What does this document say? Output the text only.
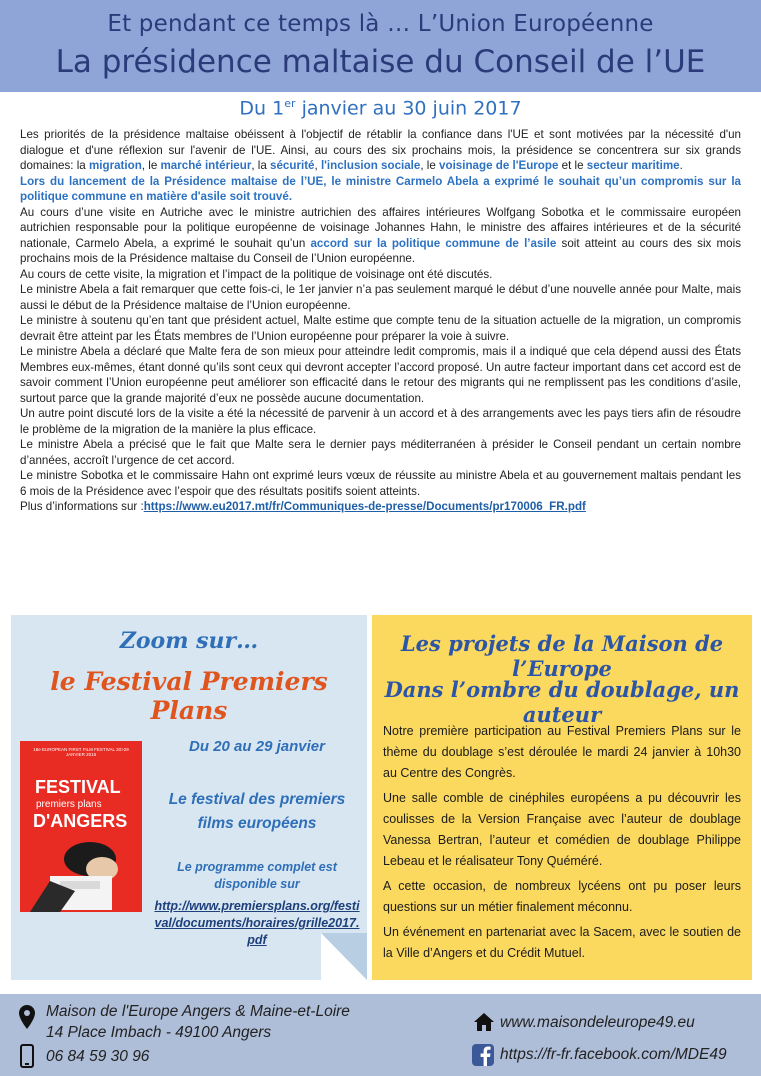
Et pendant ce temps là … L’Union Européenne
La présidence maltaise du Conseil de l’UE
Du 1er janvier au 30 juin 2017

Les priorités de la présidence maltaise obéissent à l'objectif de rétablir la confiance dans l'UE et sont motivées par la nécessité d'un dialogue et d'une réflexion sur l'avenir de l'UE. Ainsi, au cours des six prochains mois, la présidence se concentrera sur six grands domaines: la migration, le marché intérieur, la sécurité, l'inclusion sociale, le voisinage de l'Europe et le secteur maritime.

Lors du lancement de la Présidence maltaise de l’UE, le ministre Carmelo Abela a exprimé le souhait qu’un compromis sur la politique commune en matière d'asile soit trouvé.

Au cours d’une visite en Autriche avec le ministre autrichien des affaires intérieures Wolfgang Sobotka et le commissaire européen autrichien responsable pour la politique européenne de voisinage Johannes Hahn, le ministre des affaires intérieures et de la sécurité nationale, Carmelo Abela, a exprimé le souhait qu’un accord sur la politique commune de l’asile soit atteint au cours des six mois prochains mois de la Présidence maltaise du Conseil de l’Union européenne.

Au cours de cette visite, la migration et l’impact de la politique de voisinage ont été discutés.

Le ministre Abela a fait remarquer que cette fois-ci, le 1er janvier n’a pas seulement marqué le début d’une nouvelle année pour Malte, mais aussi le début de la Présidence maltaise de l’Union européenne.

Le ministre à soutenu qu’en tant que président actuel, Malte estime que compte tenu de la situation actuelle de la migration, un compromis devrait être atteint par les États membres de l’Union européenne pour préparer la voie à suivre.

Le ministre Abela a déclaré que Malte fera de son mieux pour atteindre ledit compromis, mais il a indiqué que cela dépend aussi des États Membres eux-mêmes, étant donné qu’ils sont ceux qui devront accepter l’accord proposé. Un autre facteur important dans cet accord est de savoir comment l’Union européenne peut améliorer son efficacité dans le retour des migrants qui ne remplissent pas les conditions d’asile, surtout parce que la grande majorité d’eux ne possède aucune documentation.

Un autre point discuté lors de la visite a été la nécessité de parvenir à un accord et à des arrangements avec les pays tiers afin de résoudre le problème de la migration de la manière la plus efficace.

Le ministre Abela a précisé que le fait que Malte sera le dernier pays méditerranéen à présider le Conseil pendant un certain nombre d’années, accroît l’urgence de cet accord.

Le ministre Sobotka et le commissaire Hahn ont exprimé leurs vœux de réussite au ministre Abela et au gouvernement maltais pendant les 6 mois de la Présidence avec l’espoir que des résultats positifs soient atteints.

Plus d’informations sur :https://www.eu2017.mt/fr/Communiques-de-presse/Documents/pr170006_FR.pdf

Zoom sur…
le Festival Premiers Plans
18e EUROPEAN FIRST FILM FESTIVAL 20>29 JANVIER 2016
FESTIVAL
premiers plans
D'ANGERS
Du 20 au 29 janvier
Le festival des premiers films européens
Le programme complet est disponible sur
http://www.premiersplans.org/festival/documents/horaires/grille2017.pdf
Les projets de la Maison de l’Europe
Dans l’ombre du doublage, un auteur

Notre première participation au Festival Premiers Plans sur le thème du doublage s’est déroulée le mardi 24 janvier à 10h30 au Centre des Congrès.

Une salle comble de cinéphiles européens a pu découvrir les coulisses de la Version Française avec l’auteur de doublage Vanessa Bertran, l’auteur et comédien de doublage Philippe Lebeau et le réalisateur Tony Quéméré.

A cette occasion, de nombreux lycéens ont pu poser leurs questions sur un métier finalement méconnu.

Un événement en partenariat avec la Sacem, avec le soutien de la Ville d’Angers et du Crédit Mutuel.

Maison de l'Europe Angers & Maine-et-Loire
14 Place Imbach - 49100 Angers
06 84 59 30 96
www.maisondeleurope49.eu
https://fr-fr.facebook.com/MDE49
